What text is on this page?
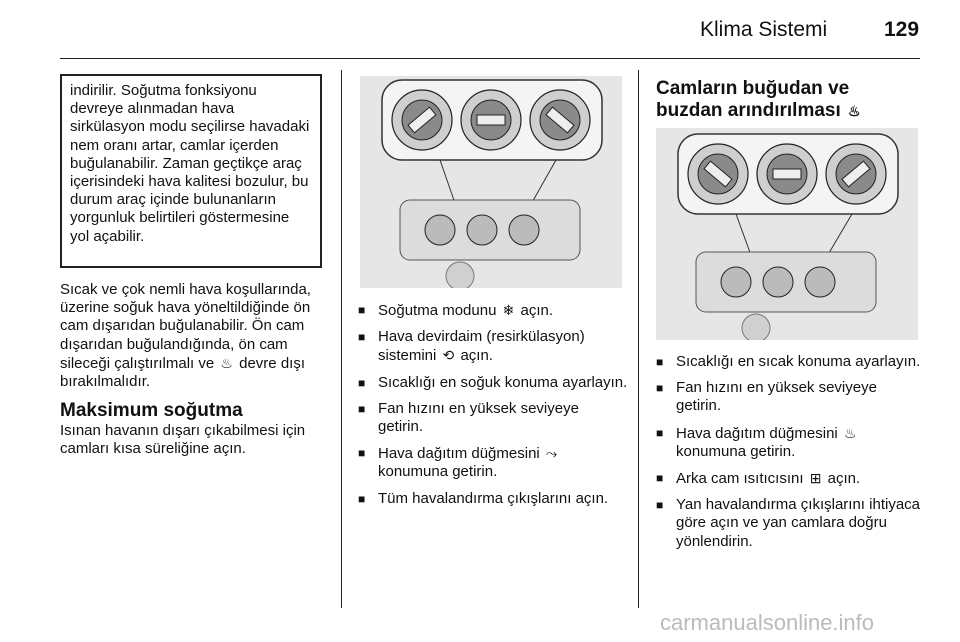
Klima Sistemi	129

indirilir. Soğutma fonksiyonu devreye alınmadan hava sirkülasyon modu seçilirse havadaki nem oranı artar, camlar içerden buğulanabilir. Zaman geçtikçe araç içerisindeki hava kalitesi bozulur, bu durum araç içinde bulunanların yorgunluk belirtileri göstermesine yol açabilir.

Sıcak ve çok nemli hava koşullarında, üzerine soğuk hava yöneltildiğinde ön cam dışarıdan buğulanabilir. Ön cam dışarıdan buğulandığında, ön cam sileceği çalıştırılmalı ve ♨ devre dışı bırakılmalıdır.

Maksimum soğutma

Isınan havanın dışarı çıkabilmesi için camları kısa süreliğine açın.

■ Soğutma modunu ❄ açın.
■ Hava devirdaim (resirkülasyon) sistemini ⟲ açın.
■ Sıcaklığı en soğuk konuma ayarlayın.
■ Fan hızını en yüksek seviyeye getirin.
■ Hava dağıtım düğmesini ⤳ konumuna getirin.
■ Tüm havalandırma çıkışlarını açın.
Camların buğudan ve buzdan arındırılması ♨
■ Sıcaklığı en sıcak konuma ayarlayın.
■ Fan hızını en yüksek seviyeye getirin.
■ Hava dağıtım düğmesini ♨ konumuna getirin.
■ Arka cam ısıtıcısını ⊞ açın.
■ Yan havalandırma çıkışlarını ihtiyaca göre açın ve yan camlara doğru yönlendirin.
carmanualsonline.info
